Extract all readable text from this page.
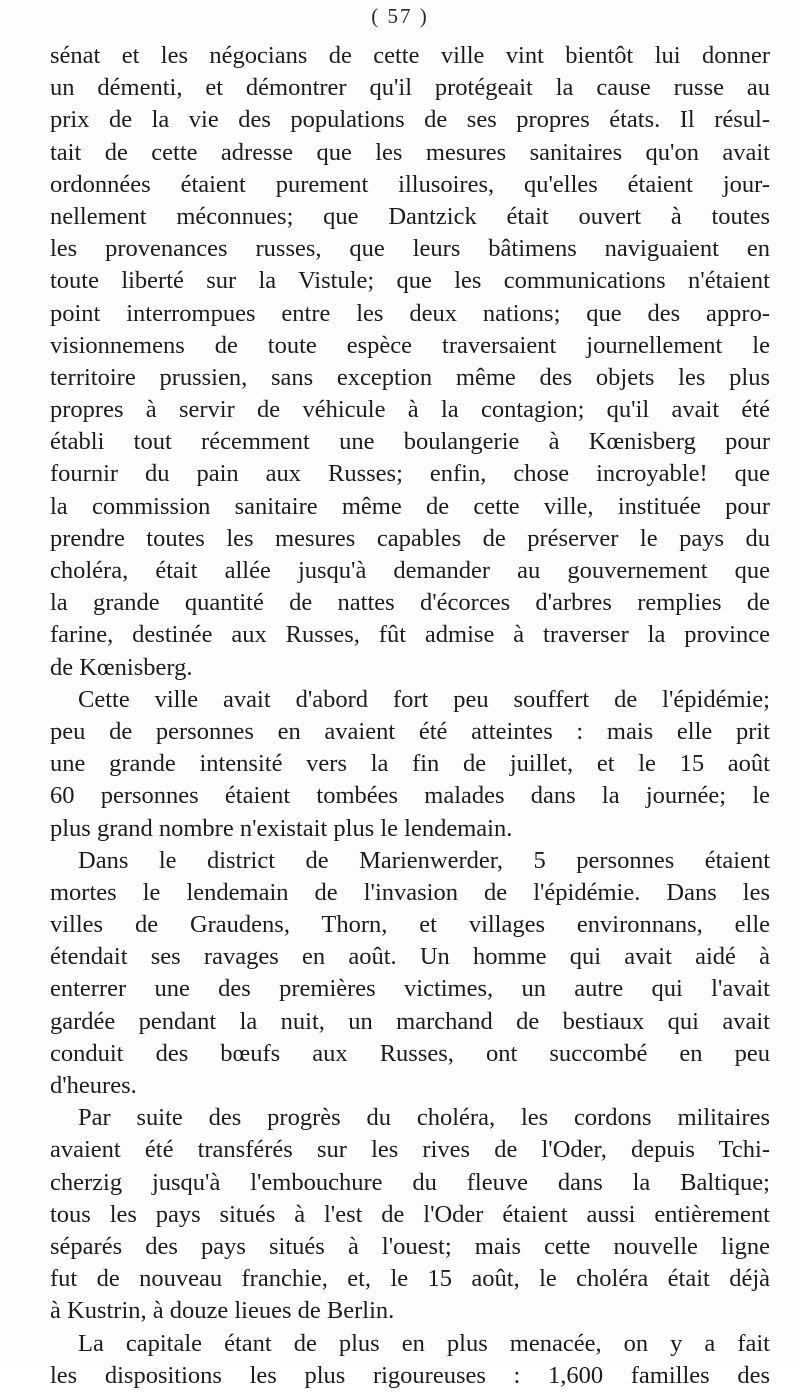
( 57 )
sénat et les négocians de cette ville vint bientôt lui donner
un démenti, et démontrer qu'il protégeait la cause russe au
prix de la vie des populations de ses propres états. Il résul-
tait de cette adresse que les mesures sanitaires qu'on avait
ordonnées étaient purement illusoires, qu'elles étaient jour-
nellement méconnues; que Dantzick était ouvert à toutes
les provenances russes, que leurs bâtimens naviguaient en
toute liberté sur la Vistule; que les communications n'étaient
point interrompues entre les deux nations; que des appro-
visionnemens de toute espèce traversaient journellement le
territoire prussien, sans exception même des objets les plus
propres à servir de véhicule à la contagion; qu'il avait été
établi tout récemment une boulangerie à Kœnisberg pour
fournir du pain aux Russes; enfin, chose incroyable! que
la commission sanitaire même de cette ville, instituée pour
prendre toutes les mesures capables de préserver le pays du
choléra, était allée jusqu'à demander au gouvernement que
la grande quantité de nattes d'écorces d'arbres remplies de
farine, destinée aux Russes, fût admise à traverser la province
de Kœnisberg.
Cette ville avait d'abord fort peu souffert de l'épidémie;
peu de personnes en avaient été atteintes : mais elle prit
une grande intensité vers la fin de juillet, et le 15 août
60 personnes étaient tombées malades dans la journée; le
plus grand nombre n'existait plus le lendemain.
Dans le district de Marienwerder, 5 personnes étaient
mortes le lendemain de l'invasion de l'épidémie. Dans les
villes de Graudens, Thorn, et villages environnans, elle
étendait ses ravages en août. Un homme qui avait aidé à
enterrer une des premières victimes, un autre qui l'avait
gardée pendant la nuit, un marchand de bestiaux qui avait
conduit des bœufs aux Russes, ont succombé en peu
d'heures.
Par suite des progrès du choléra, les cordons militaires
avaient été transférés sur les rives de l'Oder, depuis Tchi-
cherzig jusqu'à l'embouchure du fleuve dans la Baltique;
tous les pays situés à l'est de l'Oder étaient aussi entièrement
séparés des pays situés à l'ouest; mais cette nouvelle ligne
fut de nouveau franchie, et, le 15 août, le choléra était déjà
à Kustrin, à douze lieues de Berlin.
La capitale étant de plus en plus menacée, on y a fait
les dispositions les plus rigoureuses : 1,600 familles des
